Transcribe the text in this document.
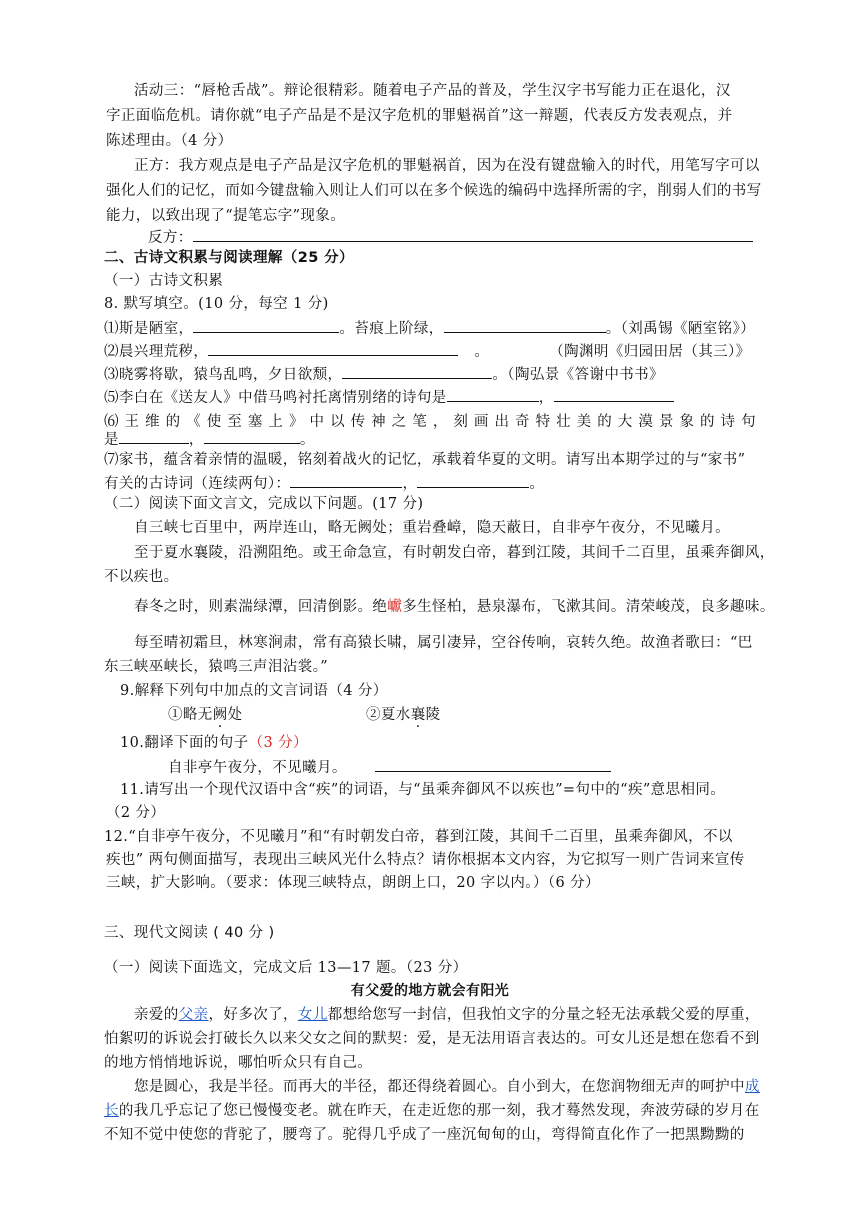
活动三：“唇枪舌战”。辩论很精彩。随着电子产品的普及，学生汉字书写能力正在退化，汉
字正面临危机。请你就“电子产品是不是汉字危机的罪魁祸首”这一辩题，代表反方发表观点，并
陈述理由。（4 分）
正方：我方观点是电子产品是汉字危机的罪魁祸首，因为在没有键盘输入的时代，用笔写字可以
强化人们的记忆，而如今键盘输入则让人们可以在多个候选的编码中选择所需的字，削弱人们的书写
能力，以致出现了“提笔忘字”现象。
反方：
二、古诗文积累与阅读理解（25 分）
（一）古诗文积累
8. 默写填空。(10 分，每空 1 分)
⑴斯是陋室，	。苔痕上阶绿，	。（刘禹锡《陋室铭》）
⑵晨兴理荒秽，	。	（陶渊明《归园田居（其三）》
⑶晓雾将歇，猿鸟乱鸣，夕日欲颓，	。（陶弘景《答谢中书书》
⑸李白在《送友人》中借马鸣衬托离情别绪的诗句是	，
⑹王维的《使至塞上》中以传神之笔，刻画出奇特壮美的大漠景象的诗句
是	，	。
⑺家书，蕴含着亲情的温暖，铭刻着战火的记忆，承载着华夏的文明。请写出本期学过的与“家书”
有关的古诗词（连续两句）：	，	。
（二）阅读下面文言文，完成以下问题。(17 分)
自三峡七百里中，两岸连山，略无阙处；重岩叠嶂，隐天蔽日，自非亭午夜分，不见曦月。
至于夏水襄陵，沿溯阻绝。或王命急宣，有时朝发白帝，暮到江陵，其间千二百里，虽乘奔御风，
不以疾也。
春冬之时，则素湍绿潭，回清倒影。绝巘多生怪柏，悬泉瀑布，飞漱其间。清荣峻茂，良多趣味。
每至晴初霜旦，林寒涧肃，常有高猿长啸，属引凄异，空谷传响，哀转久绝。故渔者歌曰：“巴
东三峡巫峡长，猿鸣三声泪沾裳。”
9.解释下列句中加点的文言词语（4 分）
①略无阙处	②夏水襄陵
10.翻译下面的句子（3 分）
自非亭午夜分，不见曦月。
11.请写出一个现代汉语中含“疾”的词语，与“虽乘奔御风不以疾也”=句中的“疾”意思相同。
（2 分）
12.“自非亭午夜分，不见曦月”和“有时朝发白帝，暮到江陵，其间千二百里，虽乘奔御风，不以
疾也” 两句侧面描写，表现出三峡风光什么特点？请你根据本文内容，为它拟写一则广告词来宣传
三峡，扩大影响。（要求：体现三峡特点，朗朗上口，20 字以内。）（6 分）
三、现代文阅读 ( 40 分 )
（一）阅读下面选文，完成文后 13—17 题。（23 分）
有父爱的地方就会有阳光
亲爱的父亲，好多次了，女儿都想给您写一封信，但我怕文字的分量之轻无法承载父爱的厚重，
怕絮叨的诉说会打破长久以来父女之间的默契：爱，是无法用语言表达的。可女儿还是想在您看不到
的地方悄悄地诉说，哪怕听众只有自己。
您是圆心，我是半径。而再大的半径，都还得绕着圆心。自小到大，在您润物细无声的呵护中成
长的我几乎忘记了您已慢慢变老。就在昨天，在走近您的那一刻，我才蓦然发现，奔波劳碌的岁月在
不知不觉中使您的背驼了，腰弯了。驼得几乎成了一座沉甸甸的山，弯得简直化作了一把黑黝黝的
